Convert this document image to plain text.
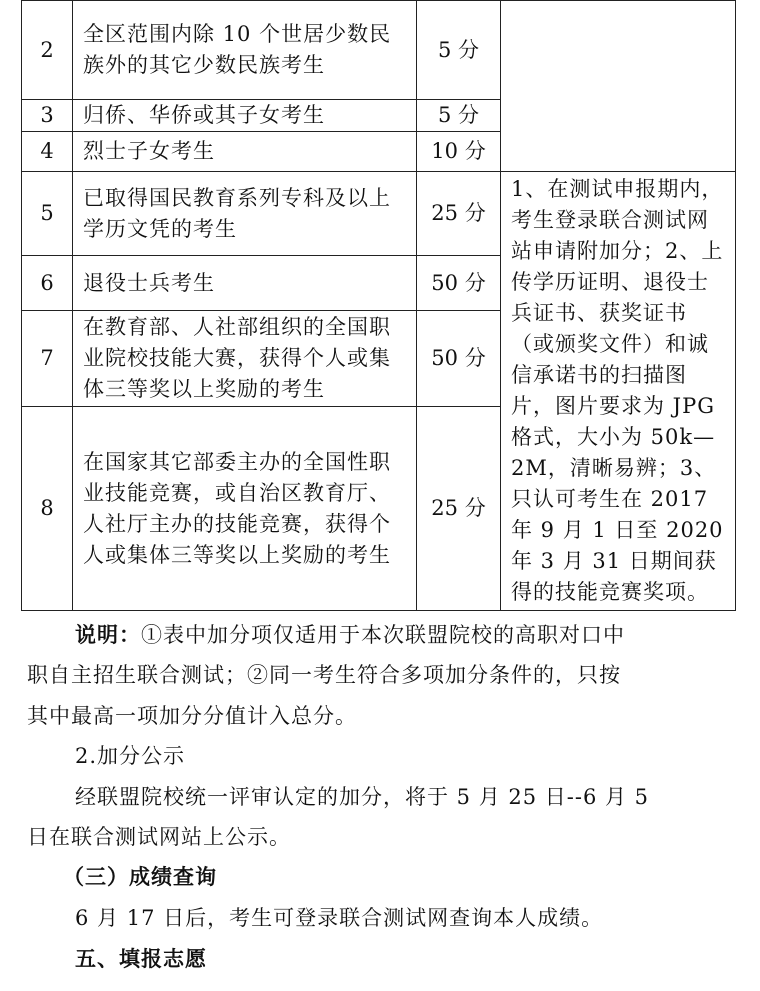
2	全区范围内除 10 个世居少数民族外的其它少数民族考生	5 分	
3	归侨、华侨或其子女考生	5 分	
4	烈士子女考生	10 分	
5	已取得国民教育系列专科及以上学历文凭的考生	25 分	1、在测试申报期内，考生登录联合测试网站申请附加分；2、上传学历证明、退役士兵证书、获奖证书（或颁奖文件）和诚信承诺书的扫描图片，图片要求为 JPG 格式，大小为 50k—2M，清晰易辨；3、只认可考生在 2017 年 9 月 1 日至 2020 年 3 月 31 日期间获得的技能竞赛奖项。
6	退役士兵考生	50 分	
7	在教育部、人社部组织的全国职业院校技能大赛，获得个人或集体三等奖以上奖励的考生	50 分	
8	在国家其它部委主办的全国性职业技能竞赛，或自治区教育厅、人社厅主办的技能竞赛，获得个人或集体三等奖以上奖励的考生	25 分	
说明：①表中加分项仅适用于本次联盟院校的高职对口中
职自主招生联合测试；②同一考生符合多项加分条件的，只按
其中最高一项加分分值计入总分。
2.加分公示
经联盟院校统一评审认定的加分，将于 5 月 25 日--6 月 5
日在联合测试网站上公示。
（三）成绩查询
6 月 17 日后，考生可登录联合测试网查询本人成绩。
五、填报志愿
